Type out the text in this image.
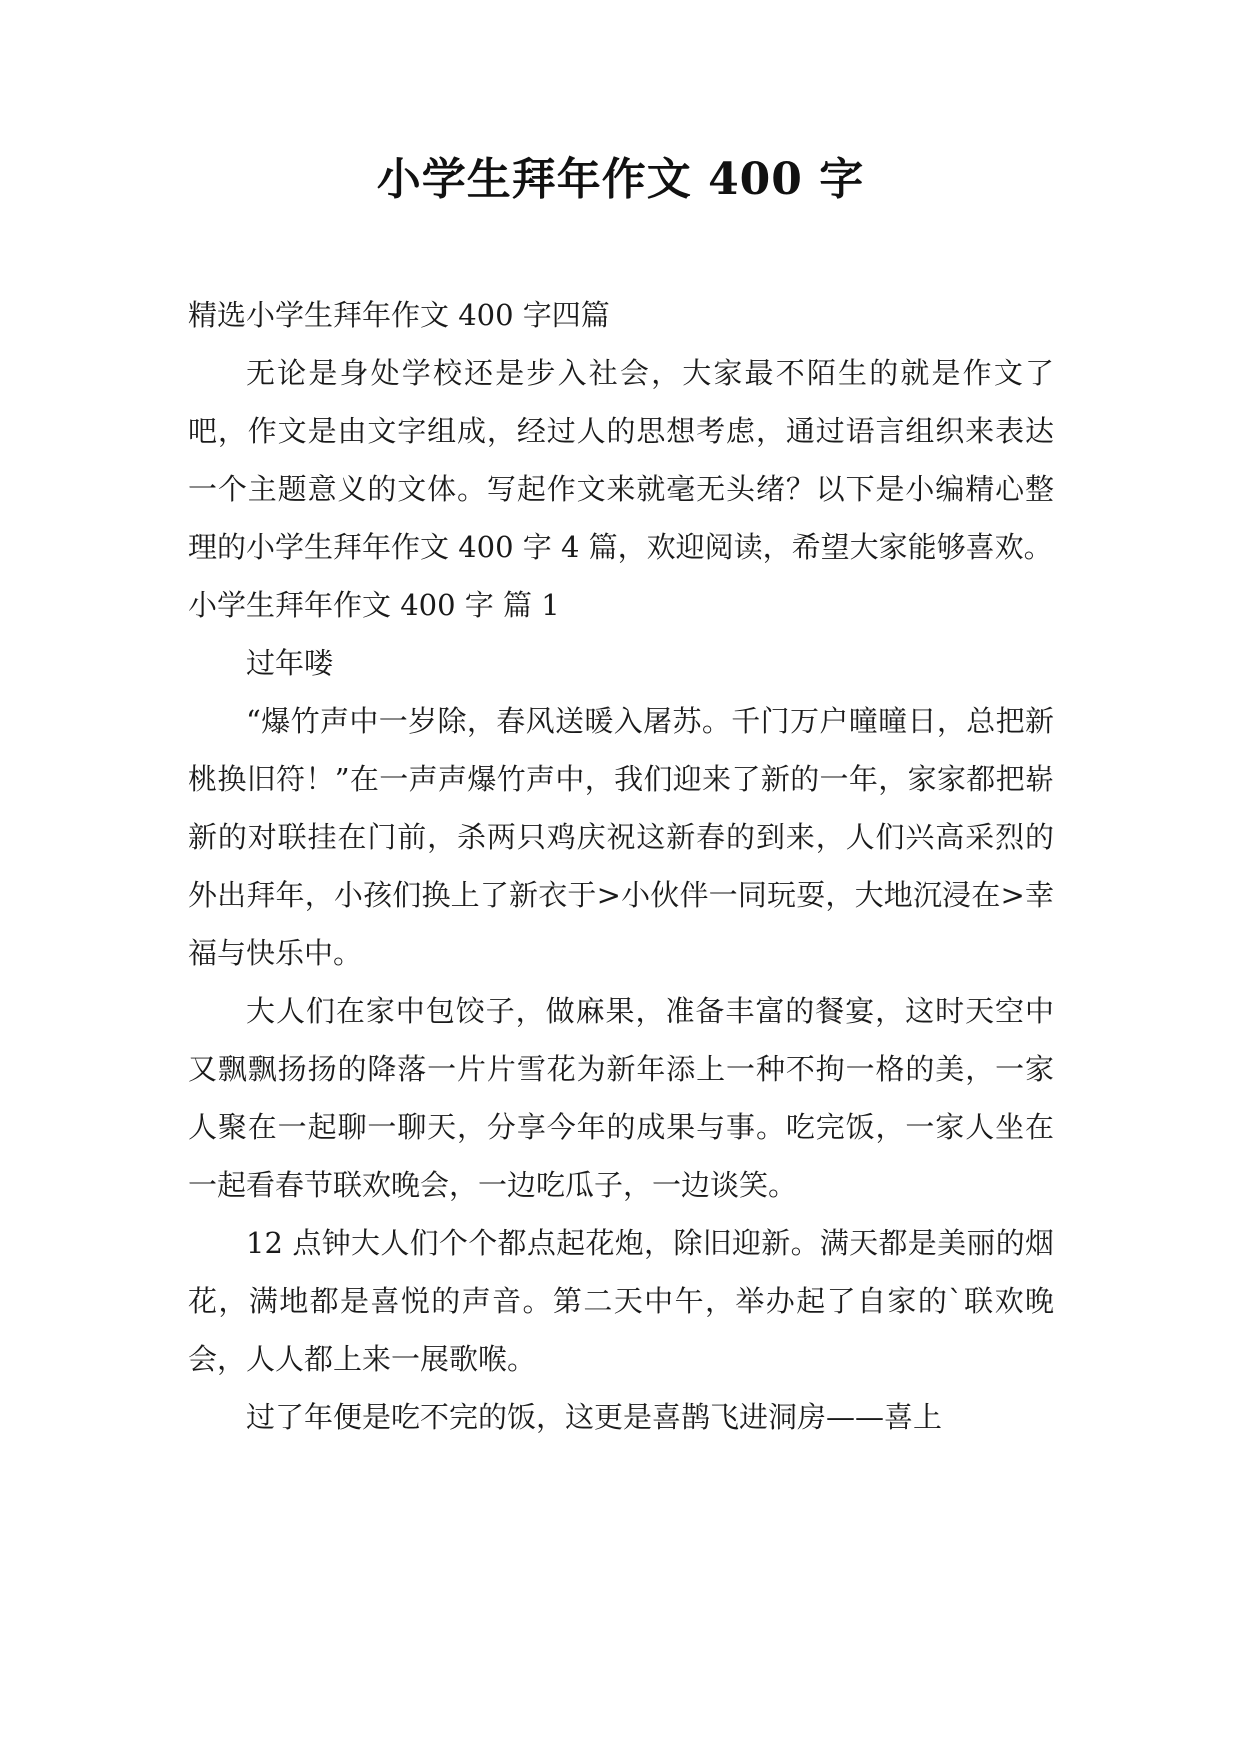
小学生拜年作文 400 字

精选小学生拜年作文 400 字四篇

无论是身处学校还是步入社会，大家最不陌生的就是作文了吧，作文是由文字组成，经过人的思想考虑，通过语言组织来表达一个主题意义的文体。写起作文来就毫无头绪？以下是小编精心整理的小学生拜年作文 400 字 4 篇，欢迎阅读，希望大家能够喜欢。

小学生拜年作文 400 字 篇 1

过年喽

“爆竹声中一岁除，春风送暖入屠苏。千门万户曈曈日，总把新桃换旧符！”在一声声爆竹声中，我们迎来了新的一年，家家都把崭新的对联挂在门前，杀两只鸡庆祝这新春的到来，人们兴高采烈的外出拜年，小孩们换上了新衣于>小伙伴一同玩耍，大地沉浸在>幸福与快乐中。

大人们在家中包饺子，做麻果，准备丰富的餐宴，这时天空中又飘飘扬扬的降落一片片雪花为新年添上一种不拘一格的美，一家人聚在一起聊一聊天，分享今年的成果与事。吃完饭，一家人坐在一起看春节联欢晚会，一边吃瓜子，一边谈笑。

12 点钟大人们个个都点起花炮，除旧迎新。满天都是美丽的烟花，满地都是喜悦的声音。第二天中午，举办起了自家的`联欢晚会，人人都上来一展歌喉。

过了年便是吃不完的饭，这更是喜鹊飞进洞房——喜上
